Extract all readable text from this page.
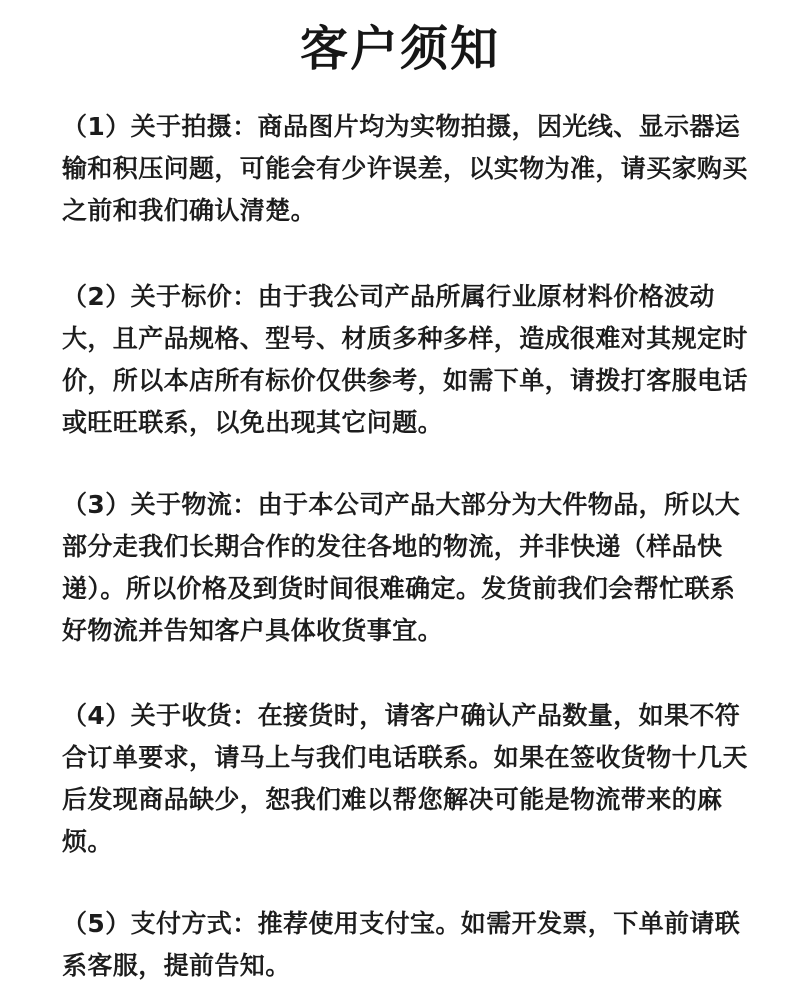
客户须知

（1）关于拍摄：商品图片均为实物拍摄，因光线、显示器运输和积压问题，可能会有少许误差，以实物为准，请买家购买之前和我们确认清楚。

（2）关于标价：由于我公司产品所属行业原材料价格波动大，且产品规格、型号、材质多种多样，造成很难对其规定时价，所以本店所有标价仅供参考，如需下单，请拨打客服电话或旺旺联系，以免出现其它问题。

（3）关于物流：由于本公司产品大部分为大件物品，所以大部分走我们长期合作的发往各地的物流，并非快递（样品快递）。所以价格及到货时间很难确定。发货前我们会帮忙联系好物流并告知客户具体收货事宜。

（4）关于收货：在接货时，请客户确认产品数量，如果不符合订单要求，请马上与我们电话联系。如果在签收货物十几天后发现商品缺少，恕我们难以帮您解决可能是物流带来的麻烦。

（5）支付方式：推荐使用支付宝。如需开发票，下单前请联系客服，提前告知。
